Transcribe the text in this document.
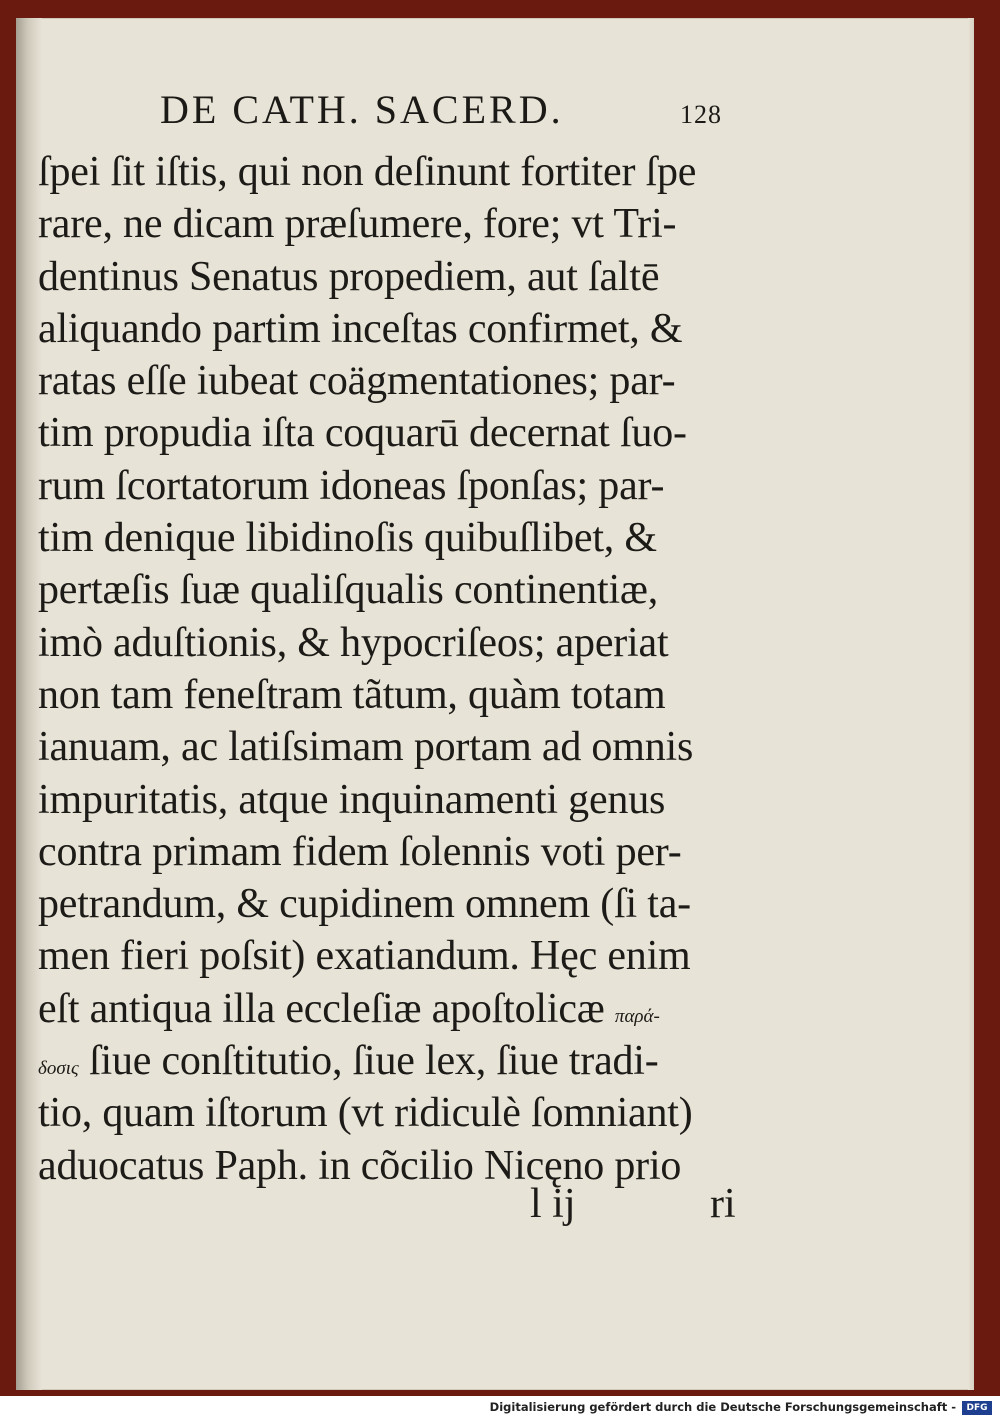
DE CATH. SACERD.	128
ſpei ſit iſtis, qui non deſinunt fortiter ſpe
rare, ne dicam præſumere, fore; vt Tri-
dentinus Senatus propediem, aut ſaltē
aliquando partim inceſtas confirmet, &
ratas eſſe iubeat coägmentationes; par-
tim propudia iſta coquarū decernat ſuo-
rum ſcortatorum idoneas ſponſas; par-
tim denique libidinoſis quibuſlibet, &
pertæſis ſuæ qualiſqualis continentiæ,
imò aduſtionis, & hypocriſeos; aperiat
non tam feneſtram tãtum, quàm totam
ianuam, ac latiſsimam portam ad omnis
impuritatis, atque inquinamenti genus
contra primam fidem ſolennis voti per-
petrandum, & cupidinem omnem (ſi ta-
men fieri poſsit) exatiandum. Hęc enim
eſt antiqua illa eccleſiæ apoſtolicæ παρά-
δοσις ſiue conſtitutio, ſiue lex, ſiue tradi-
tio, quam iſtorum (vt ridiculè ſomniant)
aduocatus Paph. in cõcilio Nicęno prio
l ij	ri

Digitalisierung gefördert durch die Deutsche Forschungsgemeinschaft -	DFG
